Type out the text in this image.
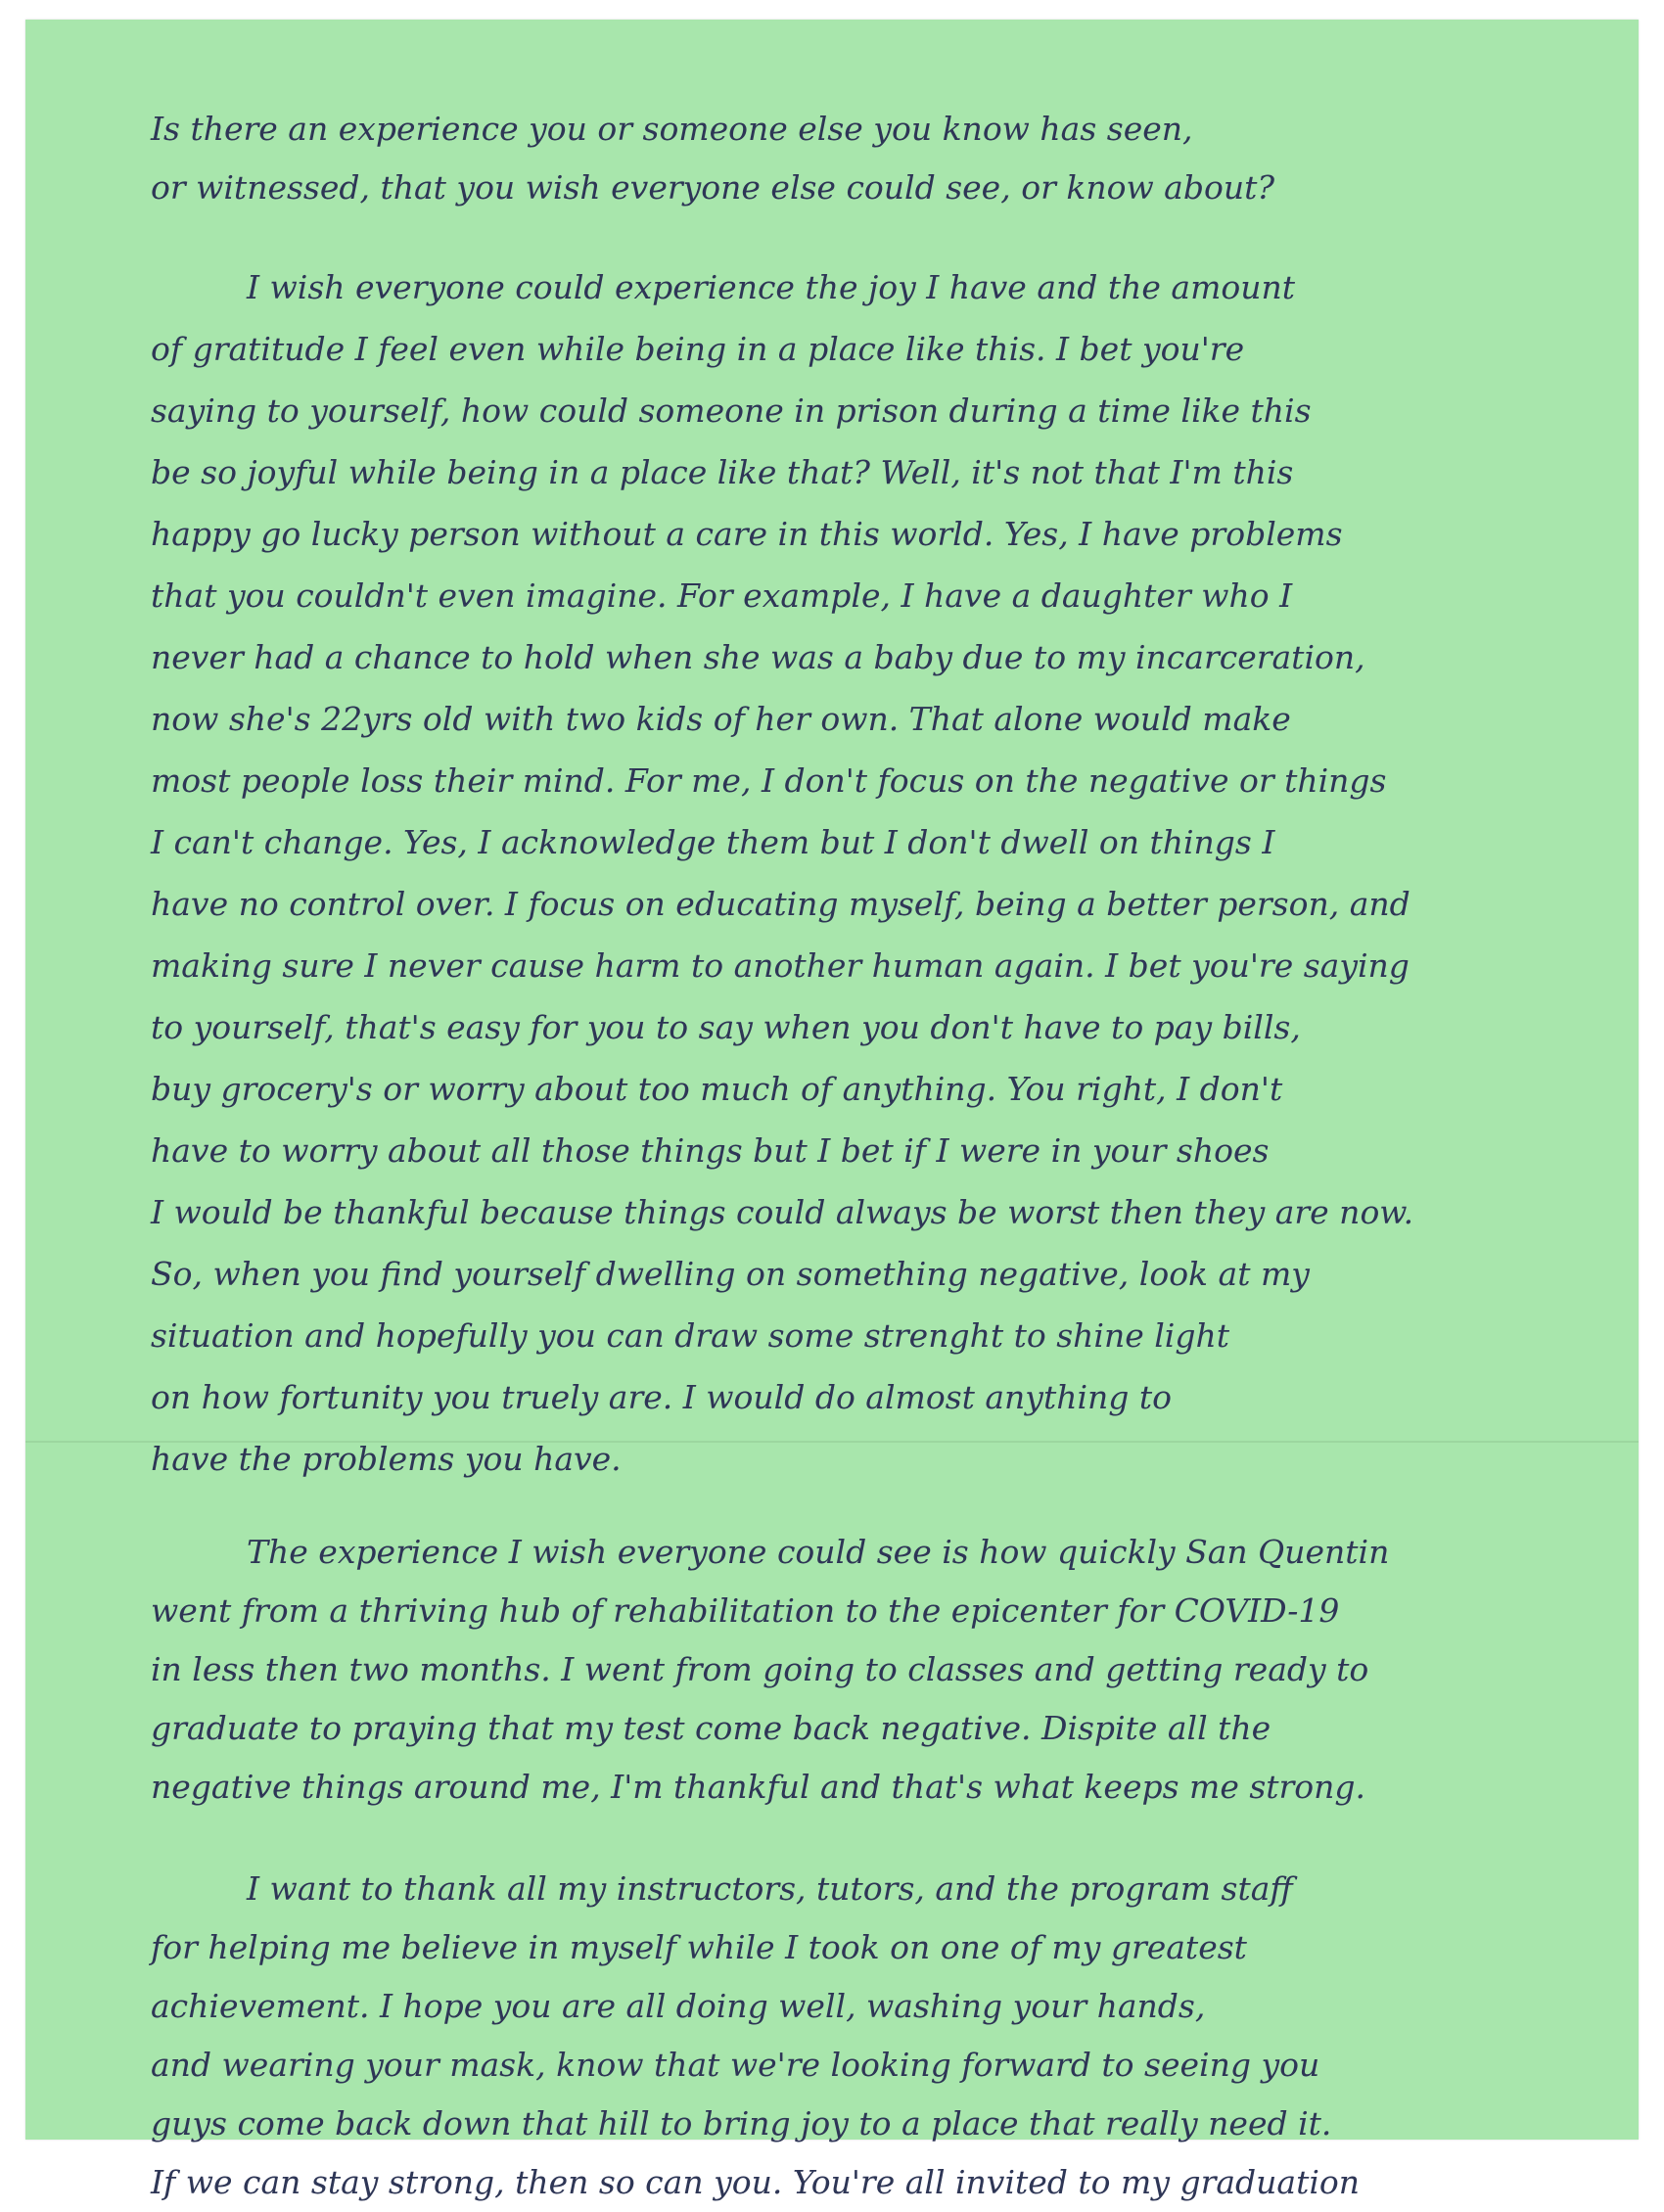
Is there an experience you or someone else you know has seen,

or witnessed, that you wish everyone else could see, or know about?

I wish everyone could experience the joy I have and the amount

of gratitude I feel even while being in a place like this. I bet you're

saying to yourself, how could someone in prison during a time like this

be so joyful while being in a place like that? Well, it's not that I'm this

happy go lucky person without a care in this world. Yes, I have problems

that you couldn't even imagine. For example, I have a daughter who I

never had a chance to hold when she was a baby due to my incarceration,

now she's 22yrs old with two kids of her own. That alone would make

most people loss their mind. For me, I don't focus on the negative or things

I can't change. Yes, I acknowledge them but I don't dwell on things I

have no control over. I focus on educating myself, being a better person, and

making sure I never cause harm to another human again. I bet you're saying

to yourself, that's easy for you to say when you don't have to pay bills,

buy grocery's or worry about too much of anything. You right, I don't

have to worry about all those things but I bet if I were in your shoes

I would be thankful because things could always be worst then they are now.

So, when you find yourself dwelling on something negative, look at my

situation and hopefully you can draw some strenght to shine light

on how fortunity you truely are. I would do almost anything to

have the problems you have.

The experience I wish everyone could see is how quickly San Quentin

went from a thriving hub of rehabilitation to the epicenter for COVID-19

in less then two months. I went from going to classes and getting ready to

graduate to praying that my test come back negative. Dispite all the

negative things around me, I'm thankful and that's what keeps me strong.

I want to thank all my instructors, tutors, and the program staff

for helping me believe in myself while I took on one of my greatest

achievement. I hope you are all doing well, washing your hands,

and wearing your mask, know that we're looking forward to seeing you

guys come back down that hill to bring joy to a place that really need it.

If we can stay strong, then so can you. You're all invited to my graduation
